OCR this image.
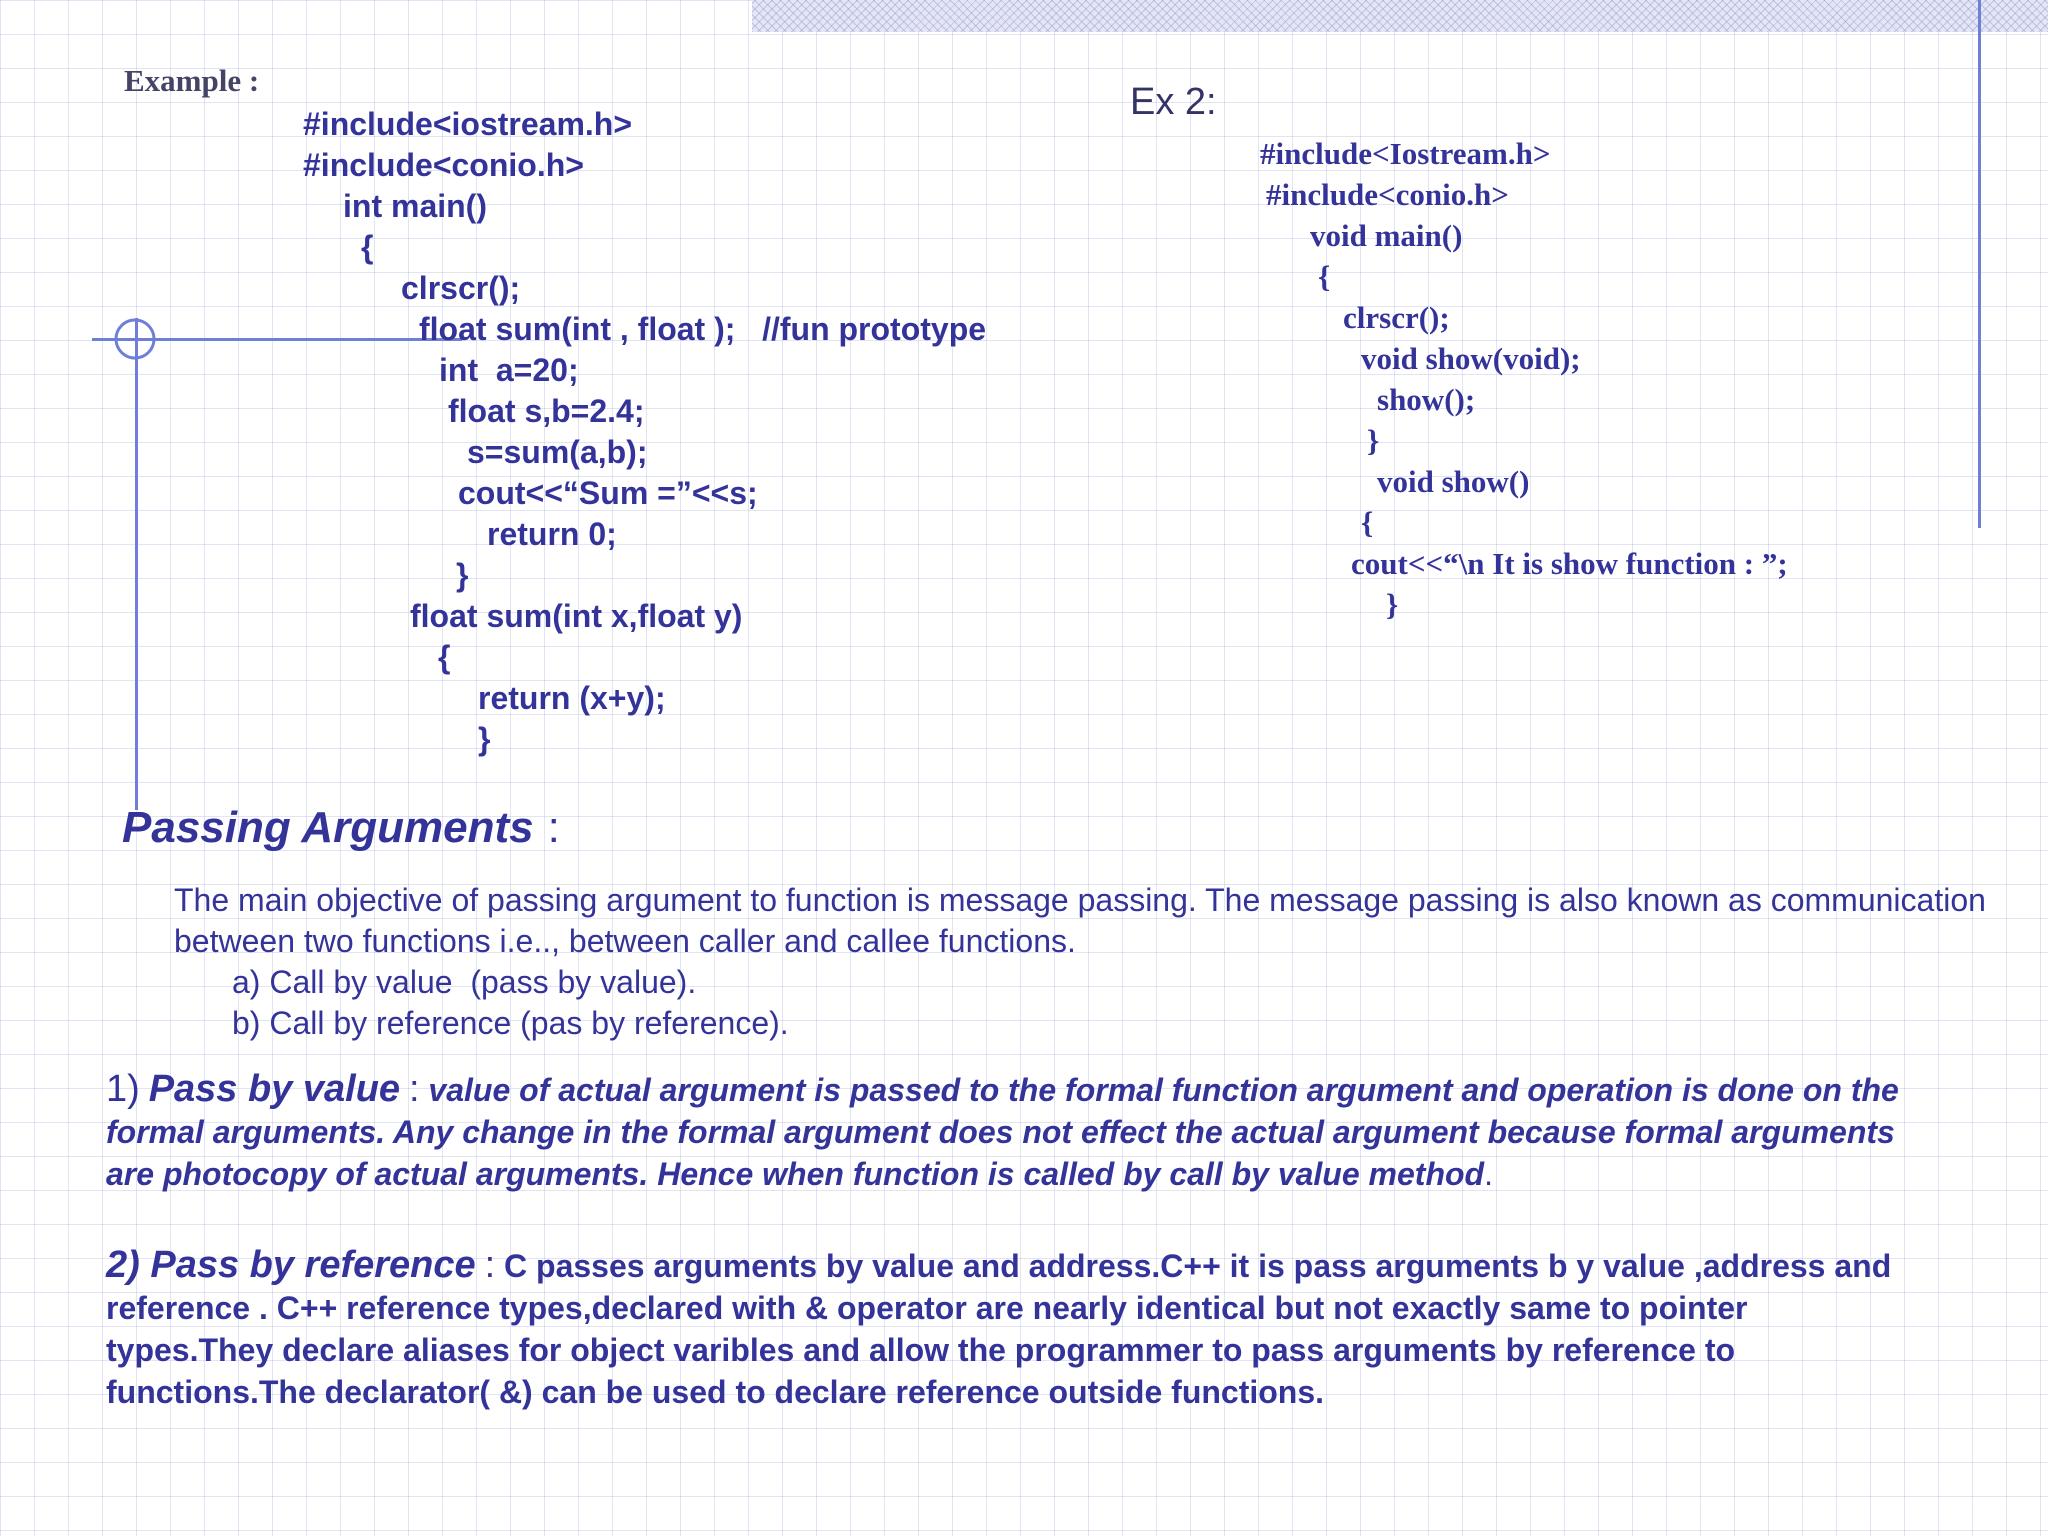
Example :
#include<iostream.h>
#include<conio.h>
int main()
{
clrscr();
float sum(int , float );   //fun prototype
int  a=20;
float s,b=2.4;
s=sum(a,b);
cout<<“Sum =”<<s;
return 0;
}
float sum(int x,float y)
{
return (x+y);
}
Ex 2:
#include<Iostream.h>
#include<conio.h>
void main()
{
clrscr();
void show(void);
show();
}
void show()
{
cout<<“\n It is show function : ”;
}
Passing Arguments :
The main objective of passing argument to function is message passing. The message passing is also known as communication between two functions i.e.., between caller and callee functions.
a) Call by value  (pass by value).
b) Call by reference (pas by reference).
1) Pass by value : value of actual argument is passed to the formal function argument and operation is done on the formal arguments. Any change in the formal argument does not effect the actual argument because formal arguments are photocopy of actual arguments. Hence when function is called by call by value method.
2) Pass by reference : C passes arguments by value and address.C++ it is pass arguments b y value ,address and reference . C++ reference types,declared with & operator are nearly identical but not exactly same to pointer types.They declare aliases for object varibles and allow the programmer to pass arguments by reference to functions.The declarator( &) can be used to declare reference outside functions.
